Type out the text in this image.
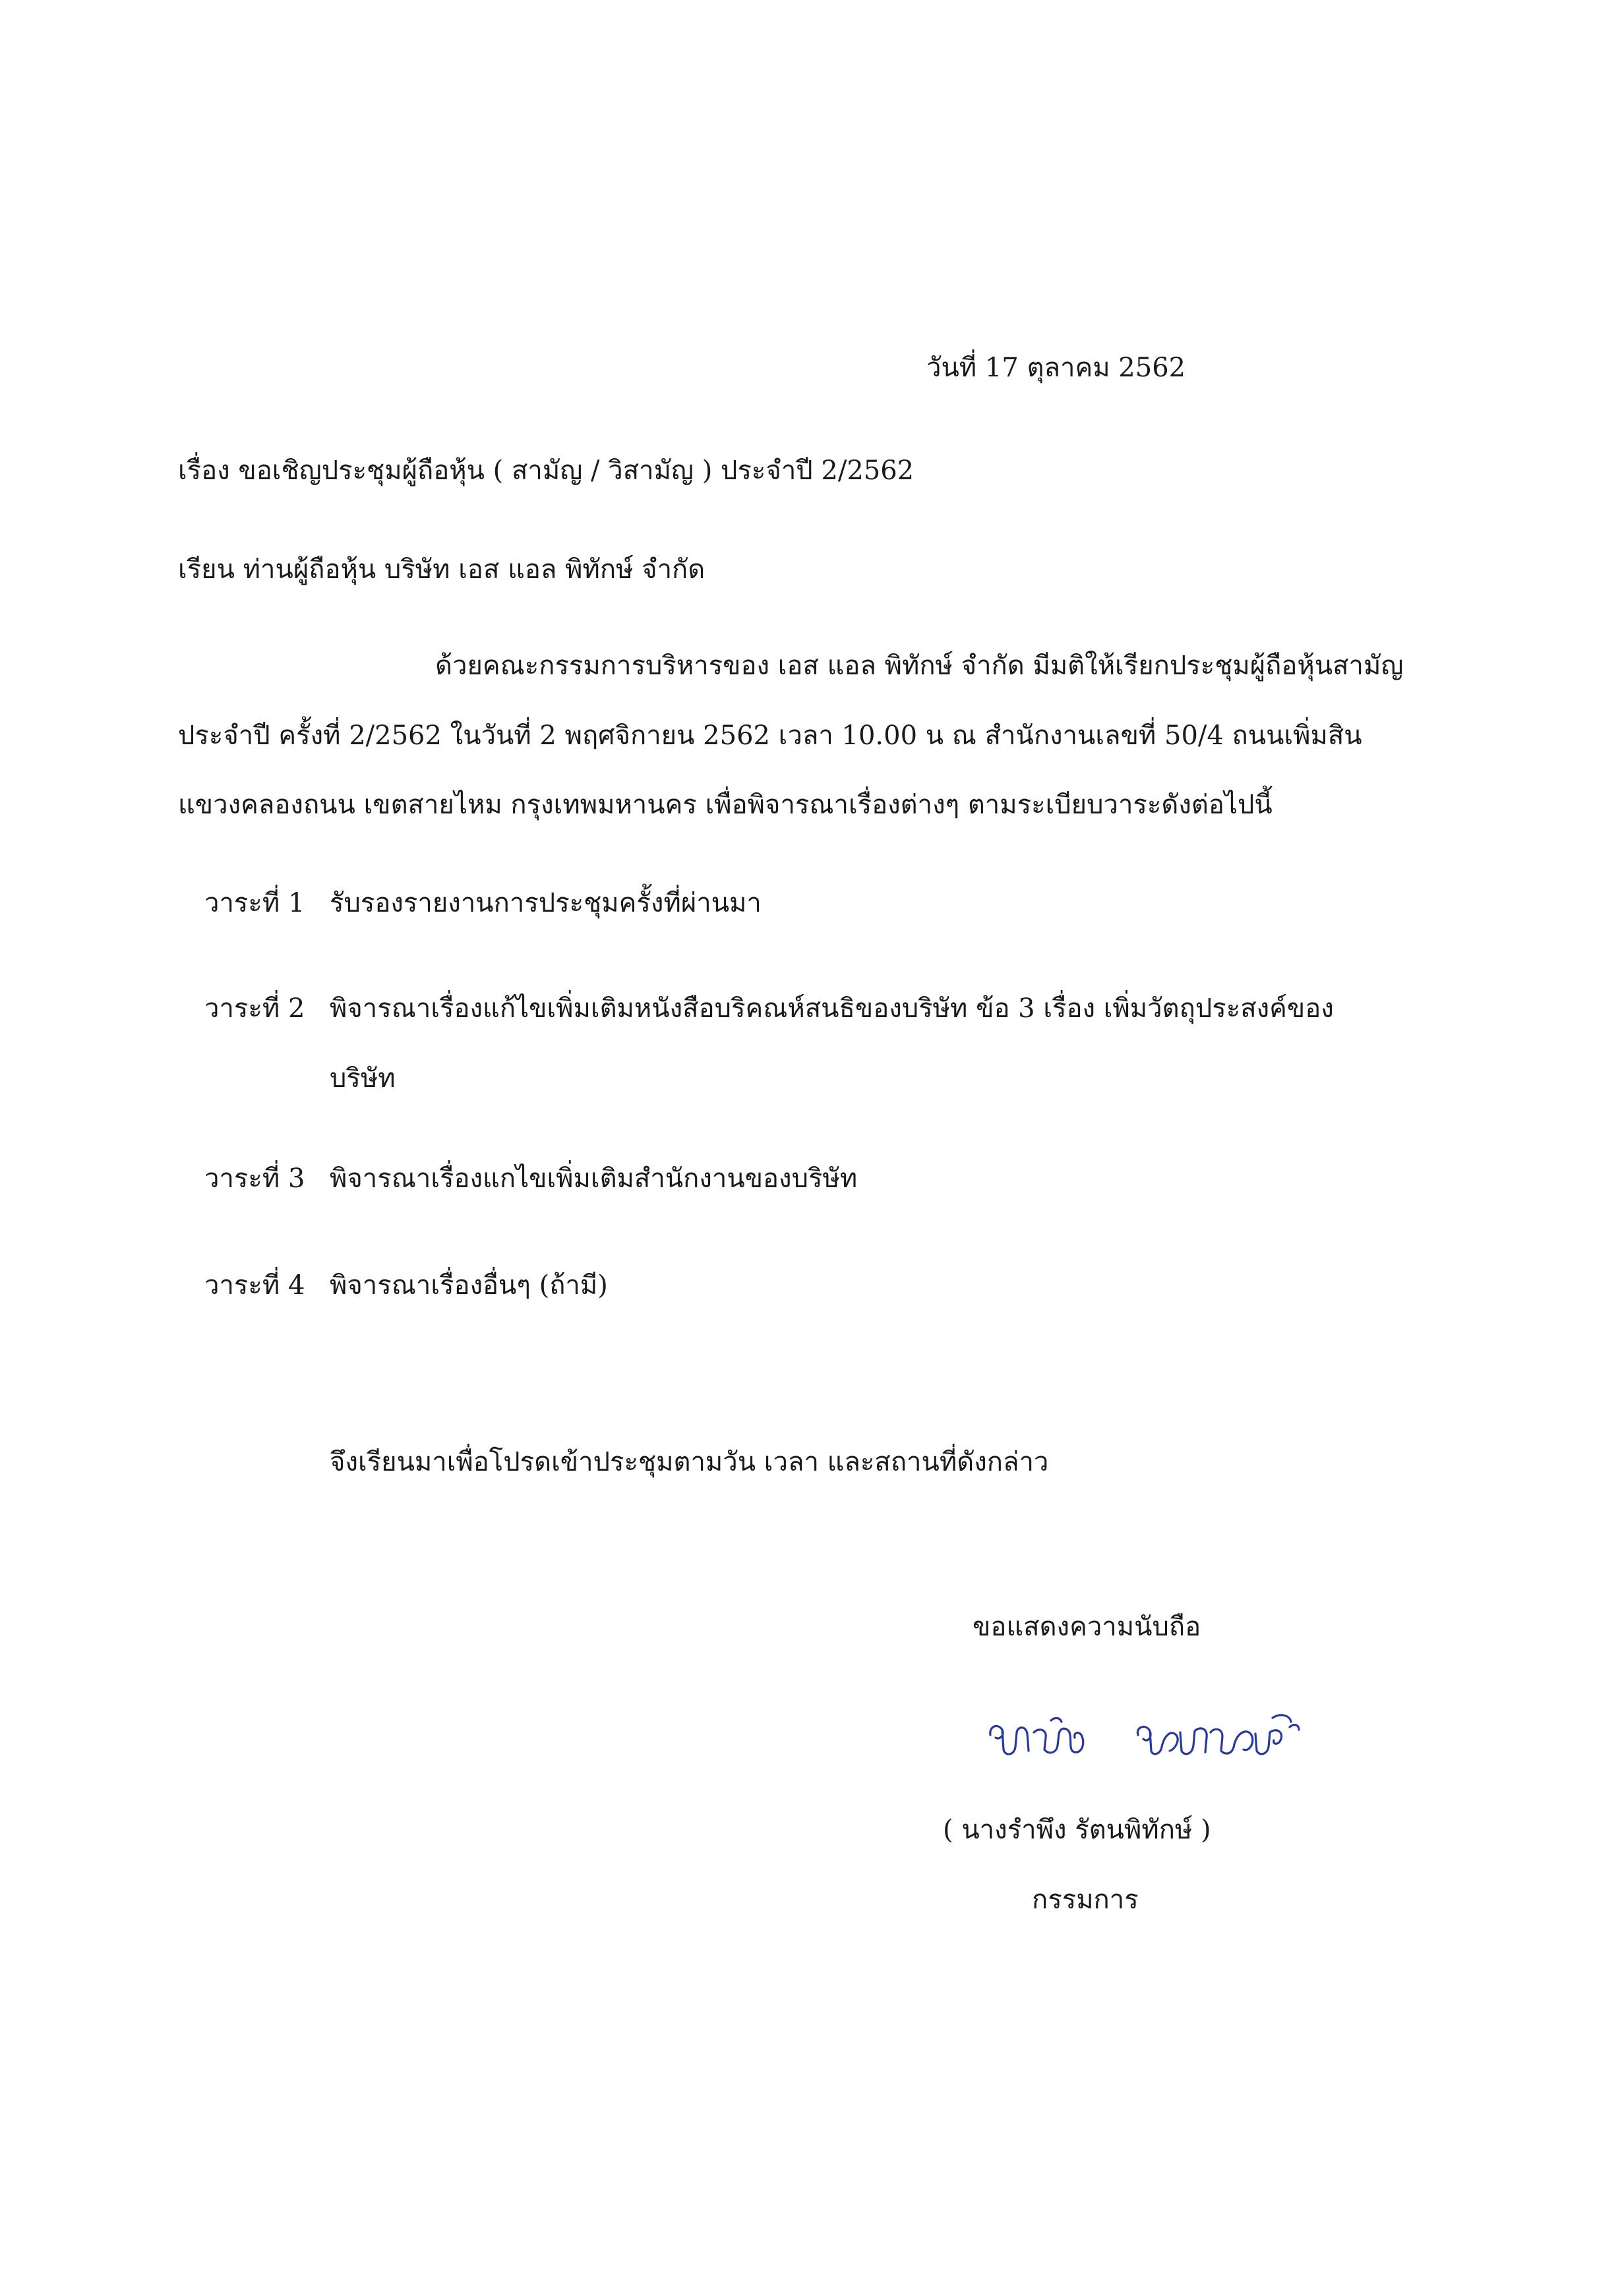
วันที่ 17 ตุลาคม 2562
เรื่อง ขอเชิญประชุมผู้ถือหุ้น ( สามัญ / วิสามัญ ) ประจำปี 2/2562
เรียน ท่านผู้ถือหุ้น บริษัท เอส แอล พิทักษ์ จำกัด
ด้วยคณะกรรมการบริหารของ เอส แอล พิทักษ์ จำกัด มีมติให้เรียกประชุมผู้ถือหุ้นสามัญ
ประจำปี ครั้งที่ 2/2562 ในวันที่ 2 พฤศจิกายน 2562 เวลา 10.00 น ณ สำนักงานเลขที่ 50/4 ถนนเพิ่มสิน
แขวงคลองถนน เขตสายไหม กรุงเทพมหานคร เพื่อพิจารณาเรื่องต่างๆ ตามระเบียบวาระดังต่อไปนี้
วาระที่ 1 รับรองรายงานการประชุมครั้งที่ผ่านมา
วาระที่ 2 พิจารณาเรื่องแก้ไขเพิ่มเติมหนังสือบริคณห์สนธิของบริษัท ข้อ 3 เรื่อง เพิ่มวัตถุประสงค์ของ
บริษัท
วาระที่ 3 พิจารณาเรื่องแกไขเพิ่มเติมสำนักงานของบริษัท
วาระที่ 4 พิจารณาเรื่องอื่นๆ (ถ้ามี)
จึงเรียนมาเพื่อโปรดเข้าประชุมตามวัน เวลา และสถานที่ดังกล่าว
ขอแสดงความนับถือ
( นางรำพึง รัตนพิทักษ์ )
กรรมการ
